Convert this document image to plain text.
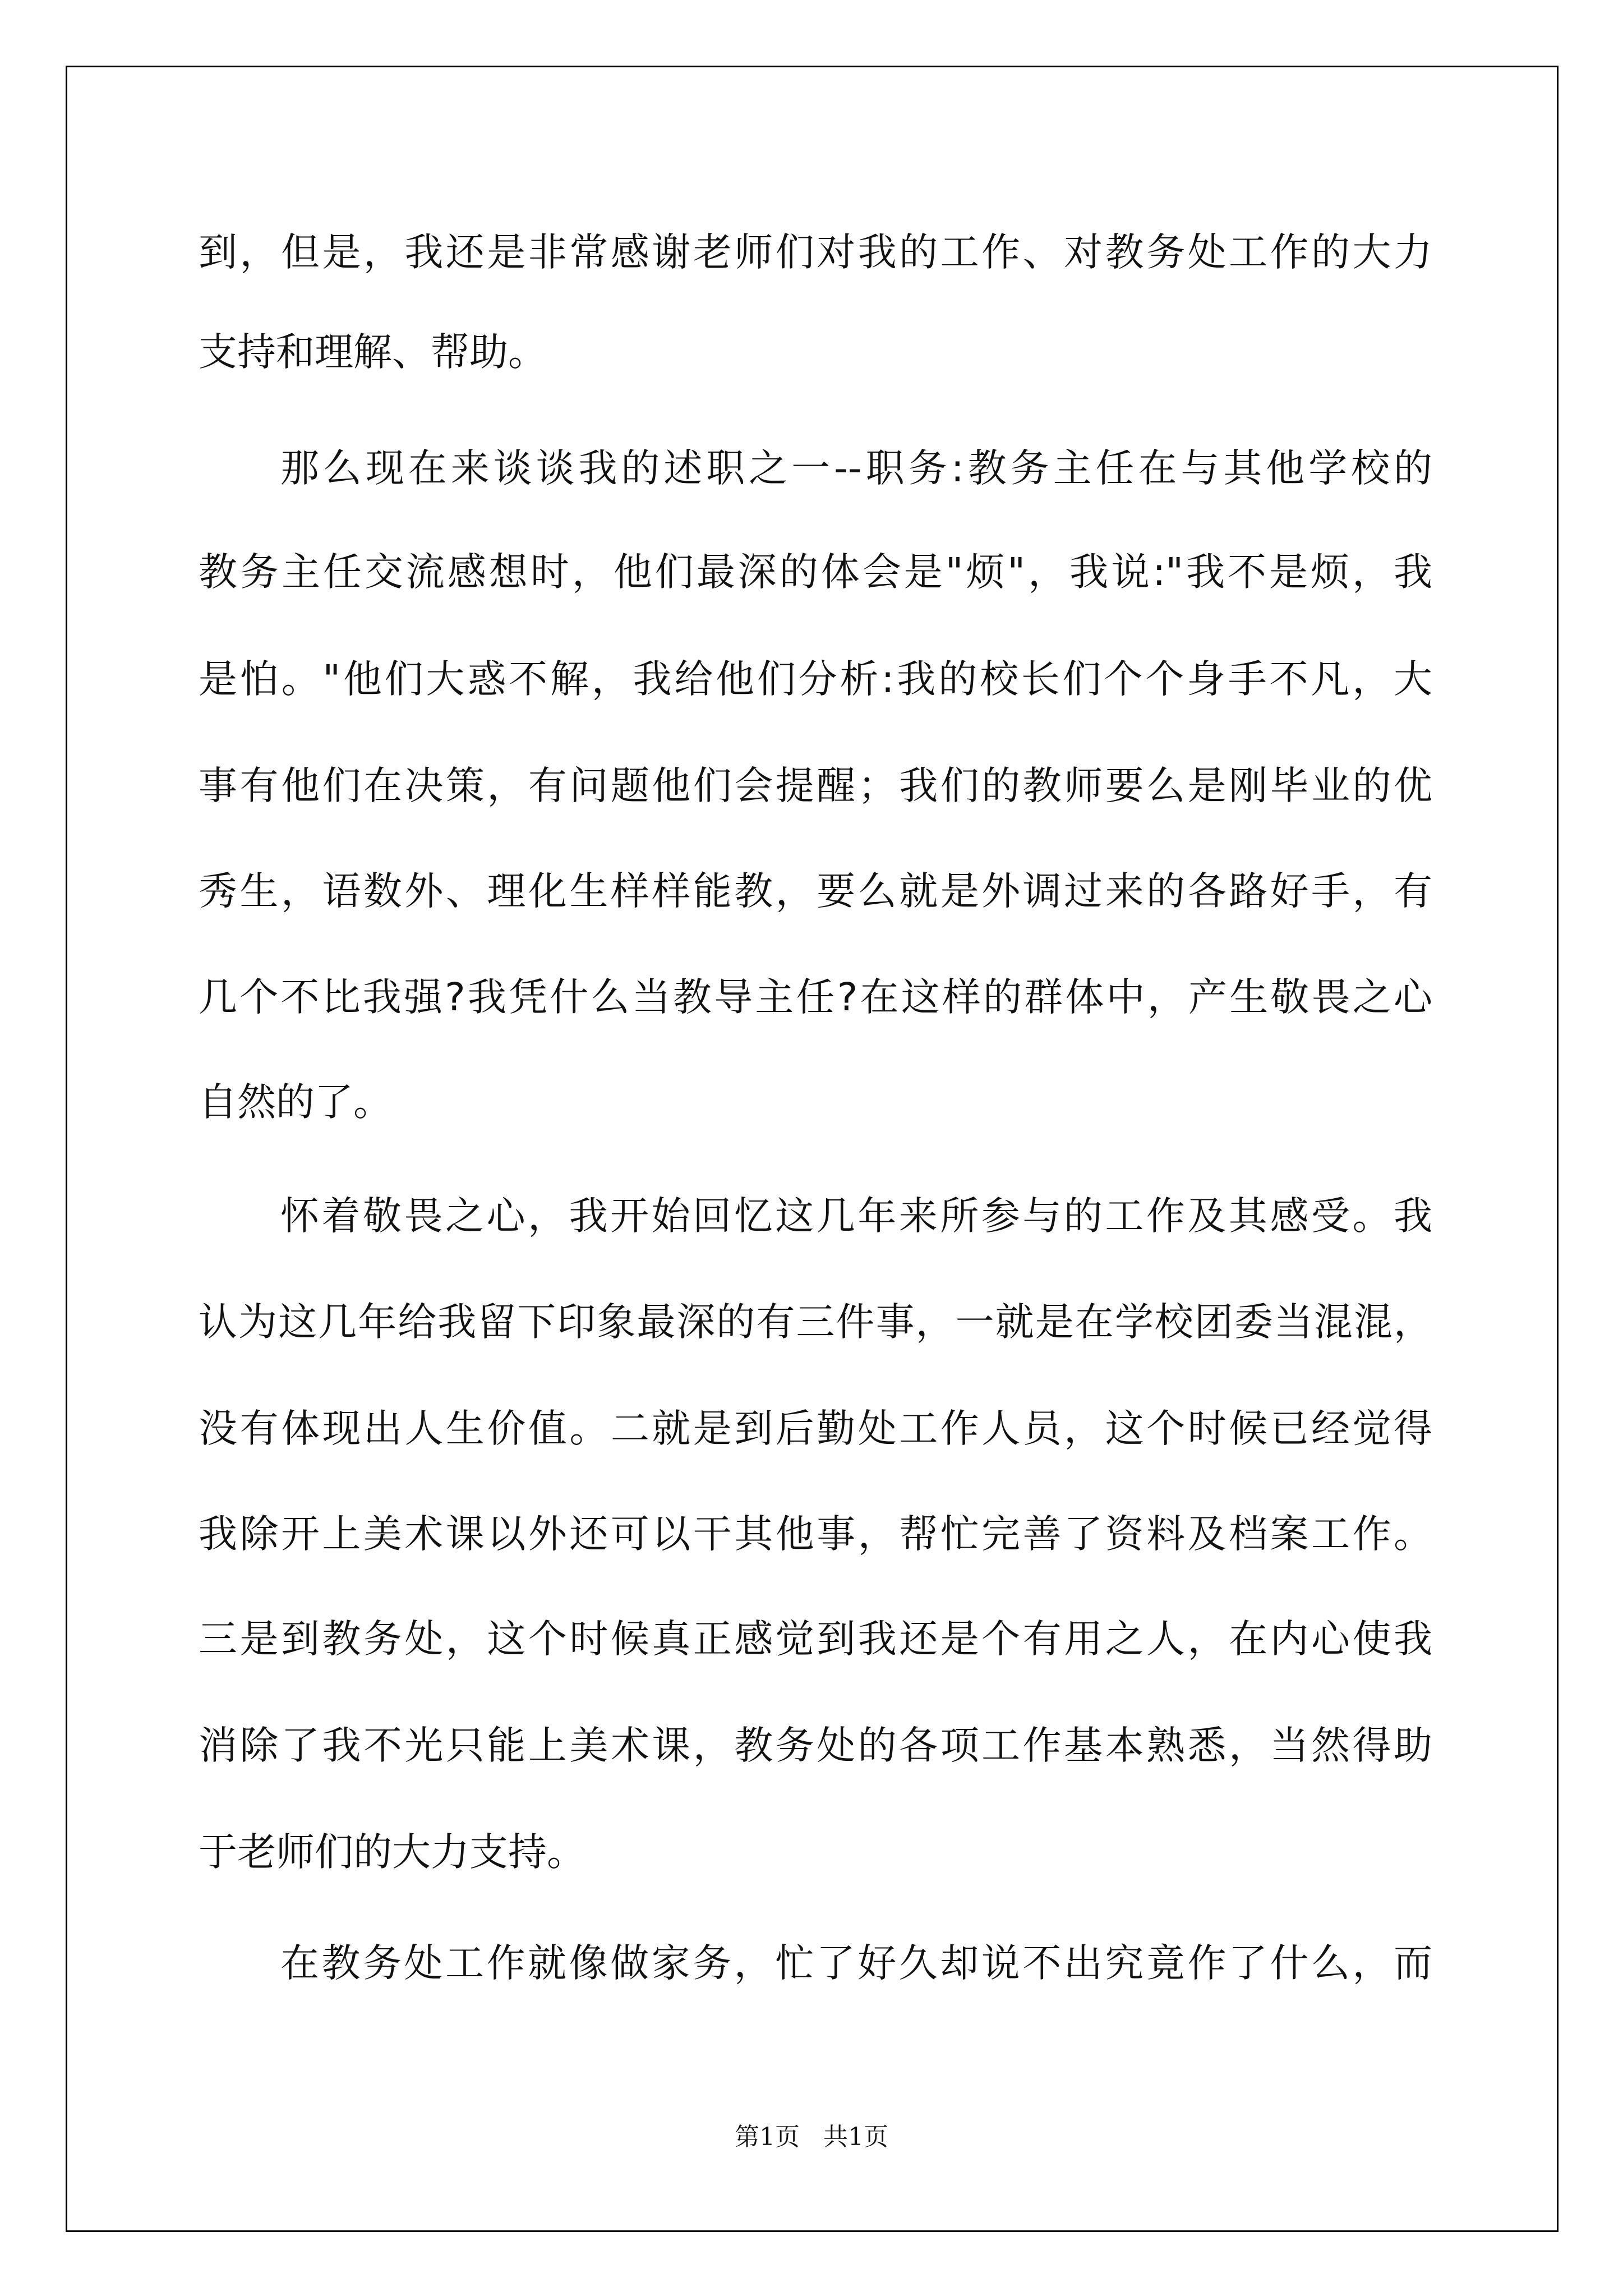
到，但是，我还是非常感谢老师们对我的工作、对教务处工作的大力
支持和理解、帮助。
那么现在来谈谈我的述职之一--职务:教务主任在与其他学校的
教务主任交流感想时，他们最深的体会是"烦"，我说:"我不是烦，我
是怕。"他们大惑不解，我给他们分析:我的校长们个个身手不凡，大
事有他们在决策，有问题他们会提醒；我们的教师要么是刚毕业的优
秀生，语数外、理化生样样能教，要么就是外调过来的各路好手，有
几个不比我强?我凭什么当教导主任?在这样的群体中，产生敬畏之心
自然的了。
怀着敬畏之心，我开始回忆这几年来所参与的工作及其感受。我
认为这几年给我留下印象最深的有三件事，一就是在学校团委当混混，
没有体现出人生价值。二就是到后勤处工作人员，这个时候已经觉得
我除开上美术课以外还可以干其他事，帮忙完善了资料及档案工作。
三是到教务处，这个时候真正感觉到我还是个有用之人，在内心使我
消除了我不光只能上美术课，教务处的各项工作基本熟悉，当然得助
于老师们的大力支持。
在教务处工作就像做家务，忙了好久却说不出究竟作了什么，而
第1页   共1页
